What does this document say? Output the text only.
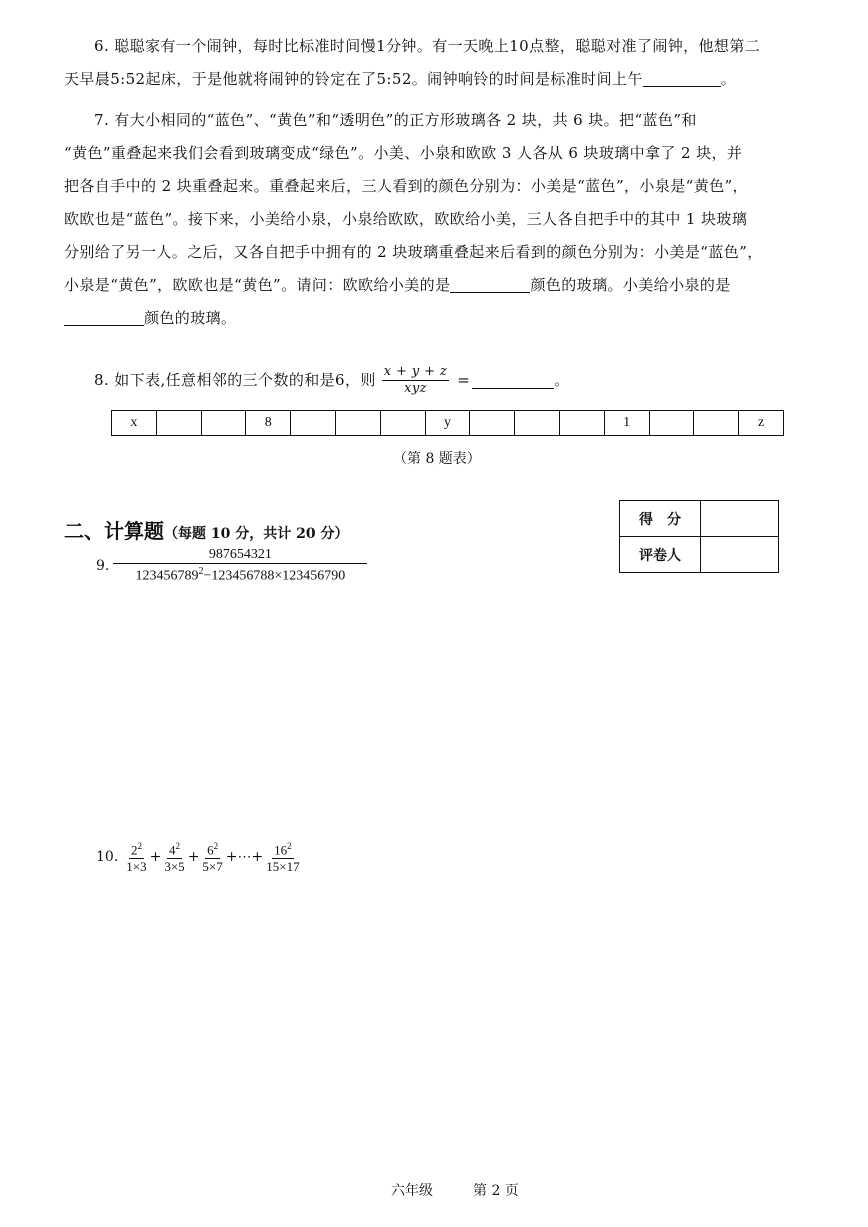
6. 聪聪家有一个闹钟，每时比标准时间慢1分钟。有一天晚上10点整，聪聪对准了闹钟，他想第二
天早晨5:52起床，于是他就将闹钟的铃定在了5:52。闹钟响铃的时间是标准时间上午	。
7. 有大小相同的“蓝色”、“黄色”和“透明色”的正方形玻璃各 2 块，共 6 块。把“蓝色”和
“黄色”重叠起来我们会看到玻璃变成“绿色”。小美、小泉和欧欧 3 人各从 6 块玻璃中拿了 2 块，并
把各自手中的 2 块重叠起来。重叠起来后，三人看到的颜色分别为：小美是“蓝色”，小泉是“黄色”，
欧欧也是“蓝色”。接下来，小美给小泉，小泉给欧欧，欧欧给小美，三人各自把手中的其中 1 块玻璃
分别给了另一人。之后，又各自把手中拥有的 2 块玻璃重叠起来后看到的颜色分别为：小美是“蓝色”，
小泉是“黄色”，欧欧也是“黄色”。请问：欧欧给小美的是	颜色的玻璃。小美给小泉的是
颜色的玻璃。
8. 如下表,任意相邻的三个数的和是6，则 $\frac{x + y + z}{\text{xyz}}$ =	。
x			8				y				1			z
（第 8 题表）
二、计算题 （每题 10 分，共计 20 分）
得　分	
评卷人	
9. $\frac{987654321}{123456789^2-123456788\times 123456790}$
10. $\frac{2^2}{1\times 3} + \frac{4^2}{3\times 5} + \frac{6^2}{5\times 7}$ +⋯+ $\frac{16^2}{15\times 17}$
六年级	第 2 页
